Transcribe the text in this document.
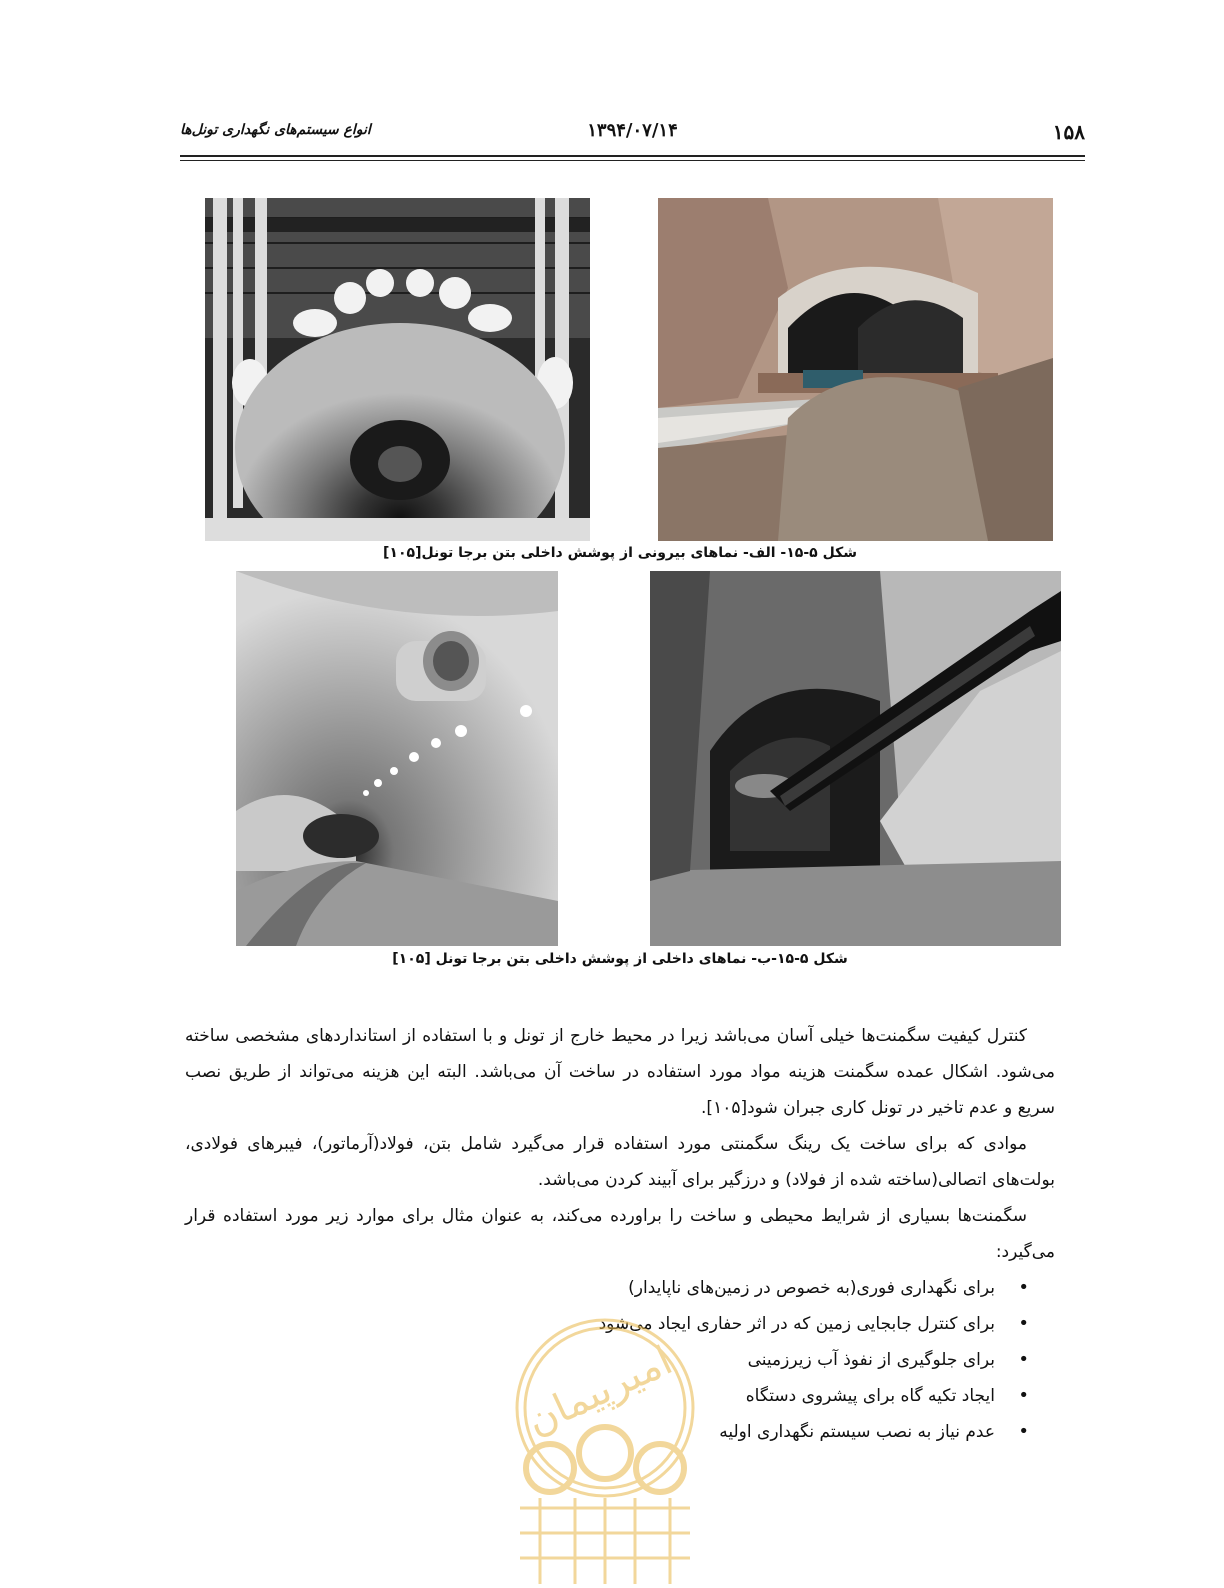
انواع سیستم‌های نگهداری تونل‌ها	۱۳۹۴/۰۷/۱۴	۱۵۸
شکل ۵-۱۵- الف- نماهای بیرونی از پوشش داخلی بتن برجا تونل[۱۰۵]
شکل ۵-۱۵-ب- نماهای داخلی از پوشش داخلی بتن برجا تونل [۱۰۵]

کنترل کیفیت سگمنت‌ها خیلی آسان می‌باشد زیرا در محیط خارج از تونل و با استفاده از استانداردهای مشخصی ساخته می‌شود. اشکال عمده سگمنت هزینه مواد مورد استفاده در ساخت آن می‌باشد. البته این هزینه می‌تواند از طریق نصب سریع و عدم تاخیر در تونل کاری جبران شود[۱۰۵].

موادی که برای ساخت یک رینگ سگمنتی مورد استفاده قرار می‌گیرد شامل بتن، فولاد(آرماتور)، فیبرهای فولادی، بولت‌های اتصالی(ساخته شده از فولاد) و درزگیر برای آبیند کردن می‌باشد.

سگمنت‌ها بسیاری از شرایط محیطی و ساخت را براورده می‌کند، به عنوان مثال برای موارد زیر مورد استفاده قرار می‌گیرد:

•
برای نگهداری فوری(به خصوص در زمین‌های ناپایدار)
•
برای کنترل جابجایی زمین که در اثر حفاری ایجاد می‌شود
•
برای جلوگیری از نفوذ آب زیرزمینی
•
ایجاد تکیه گاه برای پیشروی دستگاه
•
عدم نیاز به نصب سیستم نگهداری اولیه
امیرپیمان
